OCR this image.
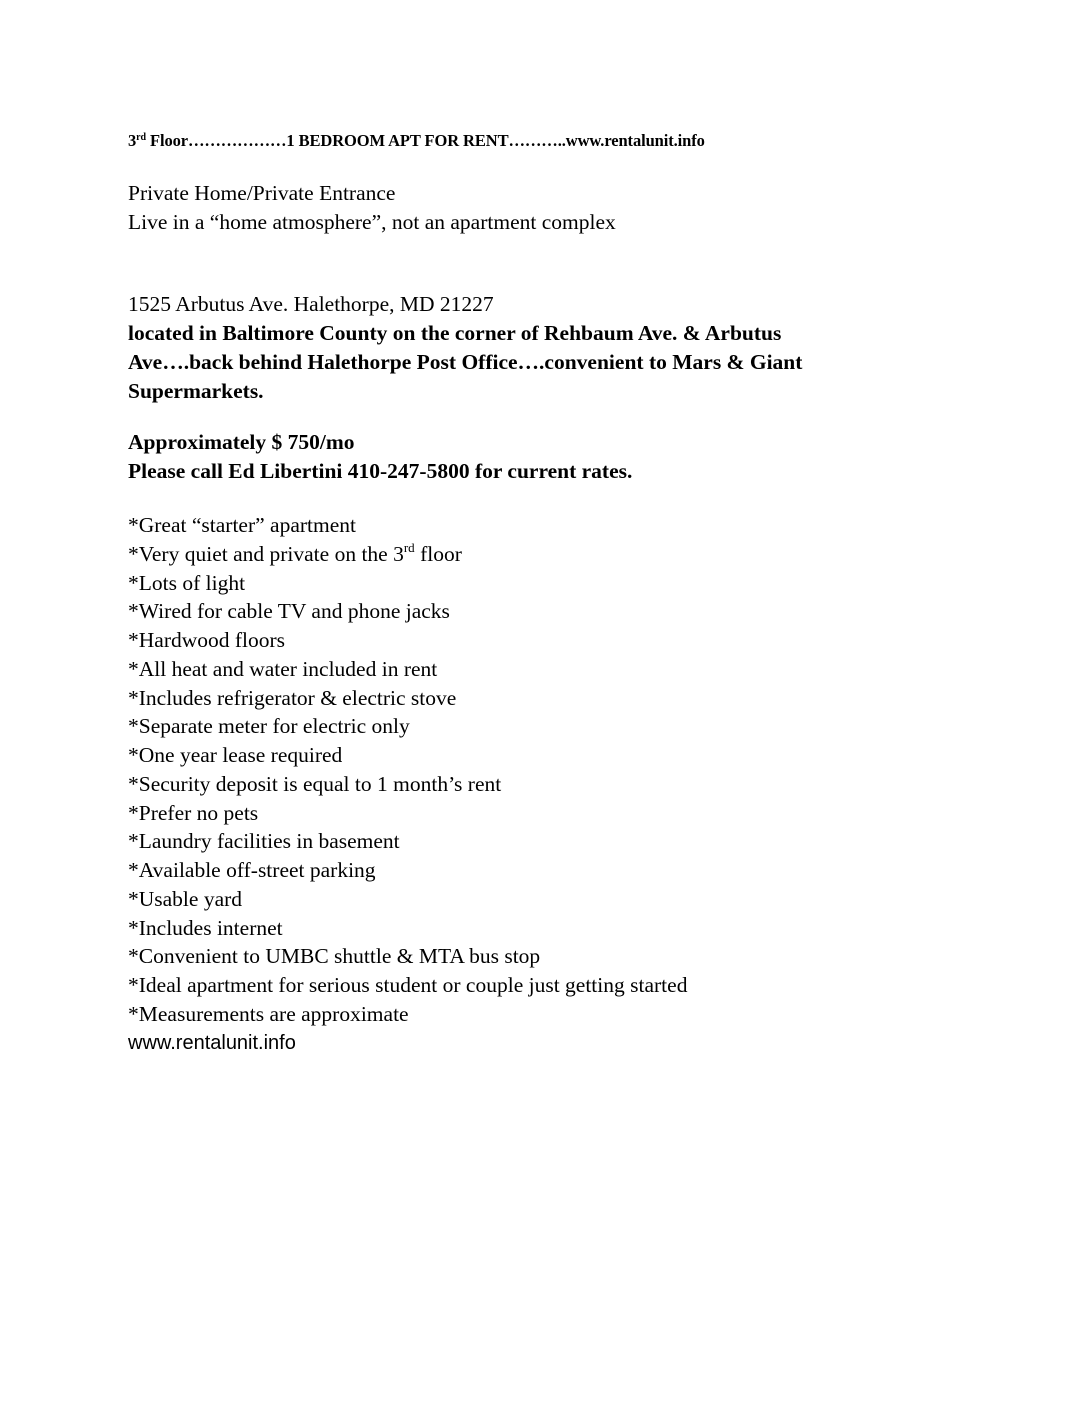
3rd Floor………………1 BEDROOM APT FOR RENT………..www.rentalunit.info
Private Home/Private Entrance
Live in a “home atmosphere”, not an apartment complex
1525 Arbutus Ave. Halethorpe, MD 21227
located in Baltimore County on the corner of Rehbaum Ave. & Arbutus
Ave….back behind Halethorpe Post Office….convenient to Mars & Giant
Supermarkets.
Approximately $ 750/mo
Please call Ed Libertini 410-247-5800 for current rates.
*Great “starter” apartment
*Very quiet and private on the 3rd floor
*Lots of light
*Wired for cable TV and phone jacks
*Hardwood floors
*All heat and water included in rent
*Includes refrigerator & electric stove
*Separate meter for electric only
*One year lease required
*Security deposit is equal to 1 month’s rent
*Prefer no pets
*Laundry facilities in basement
*Available off-street parking
*Usable yard
*Includes internet
*Convenient to UMBC shuttle & MTA bus stop
*Ideal apartment for serious student or couple just getting started
*Measurements are approximate
www.rentalunit.info
